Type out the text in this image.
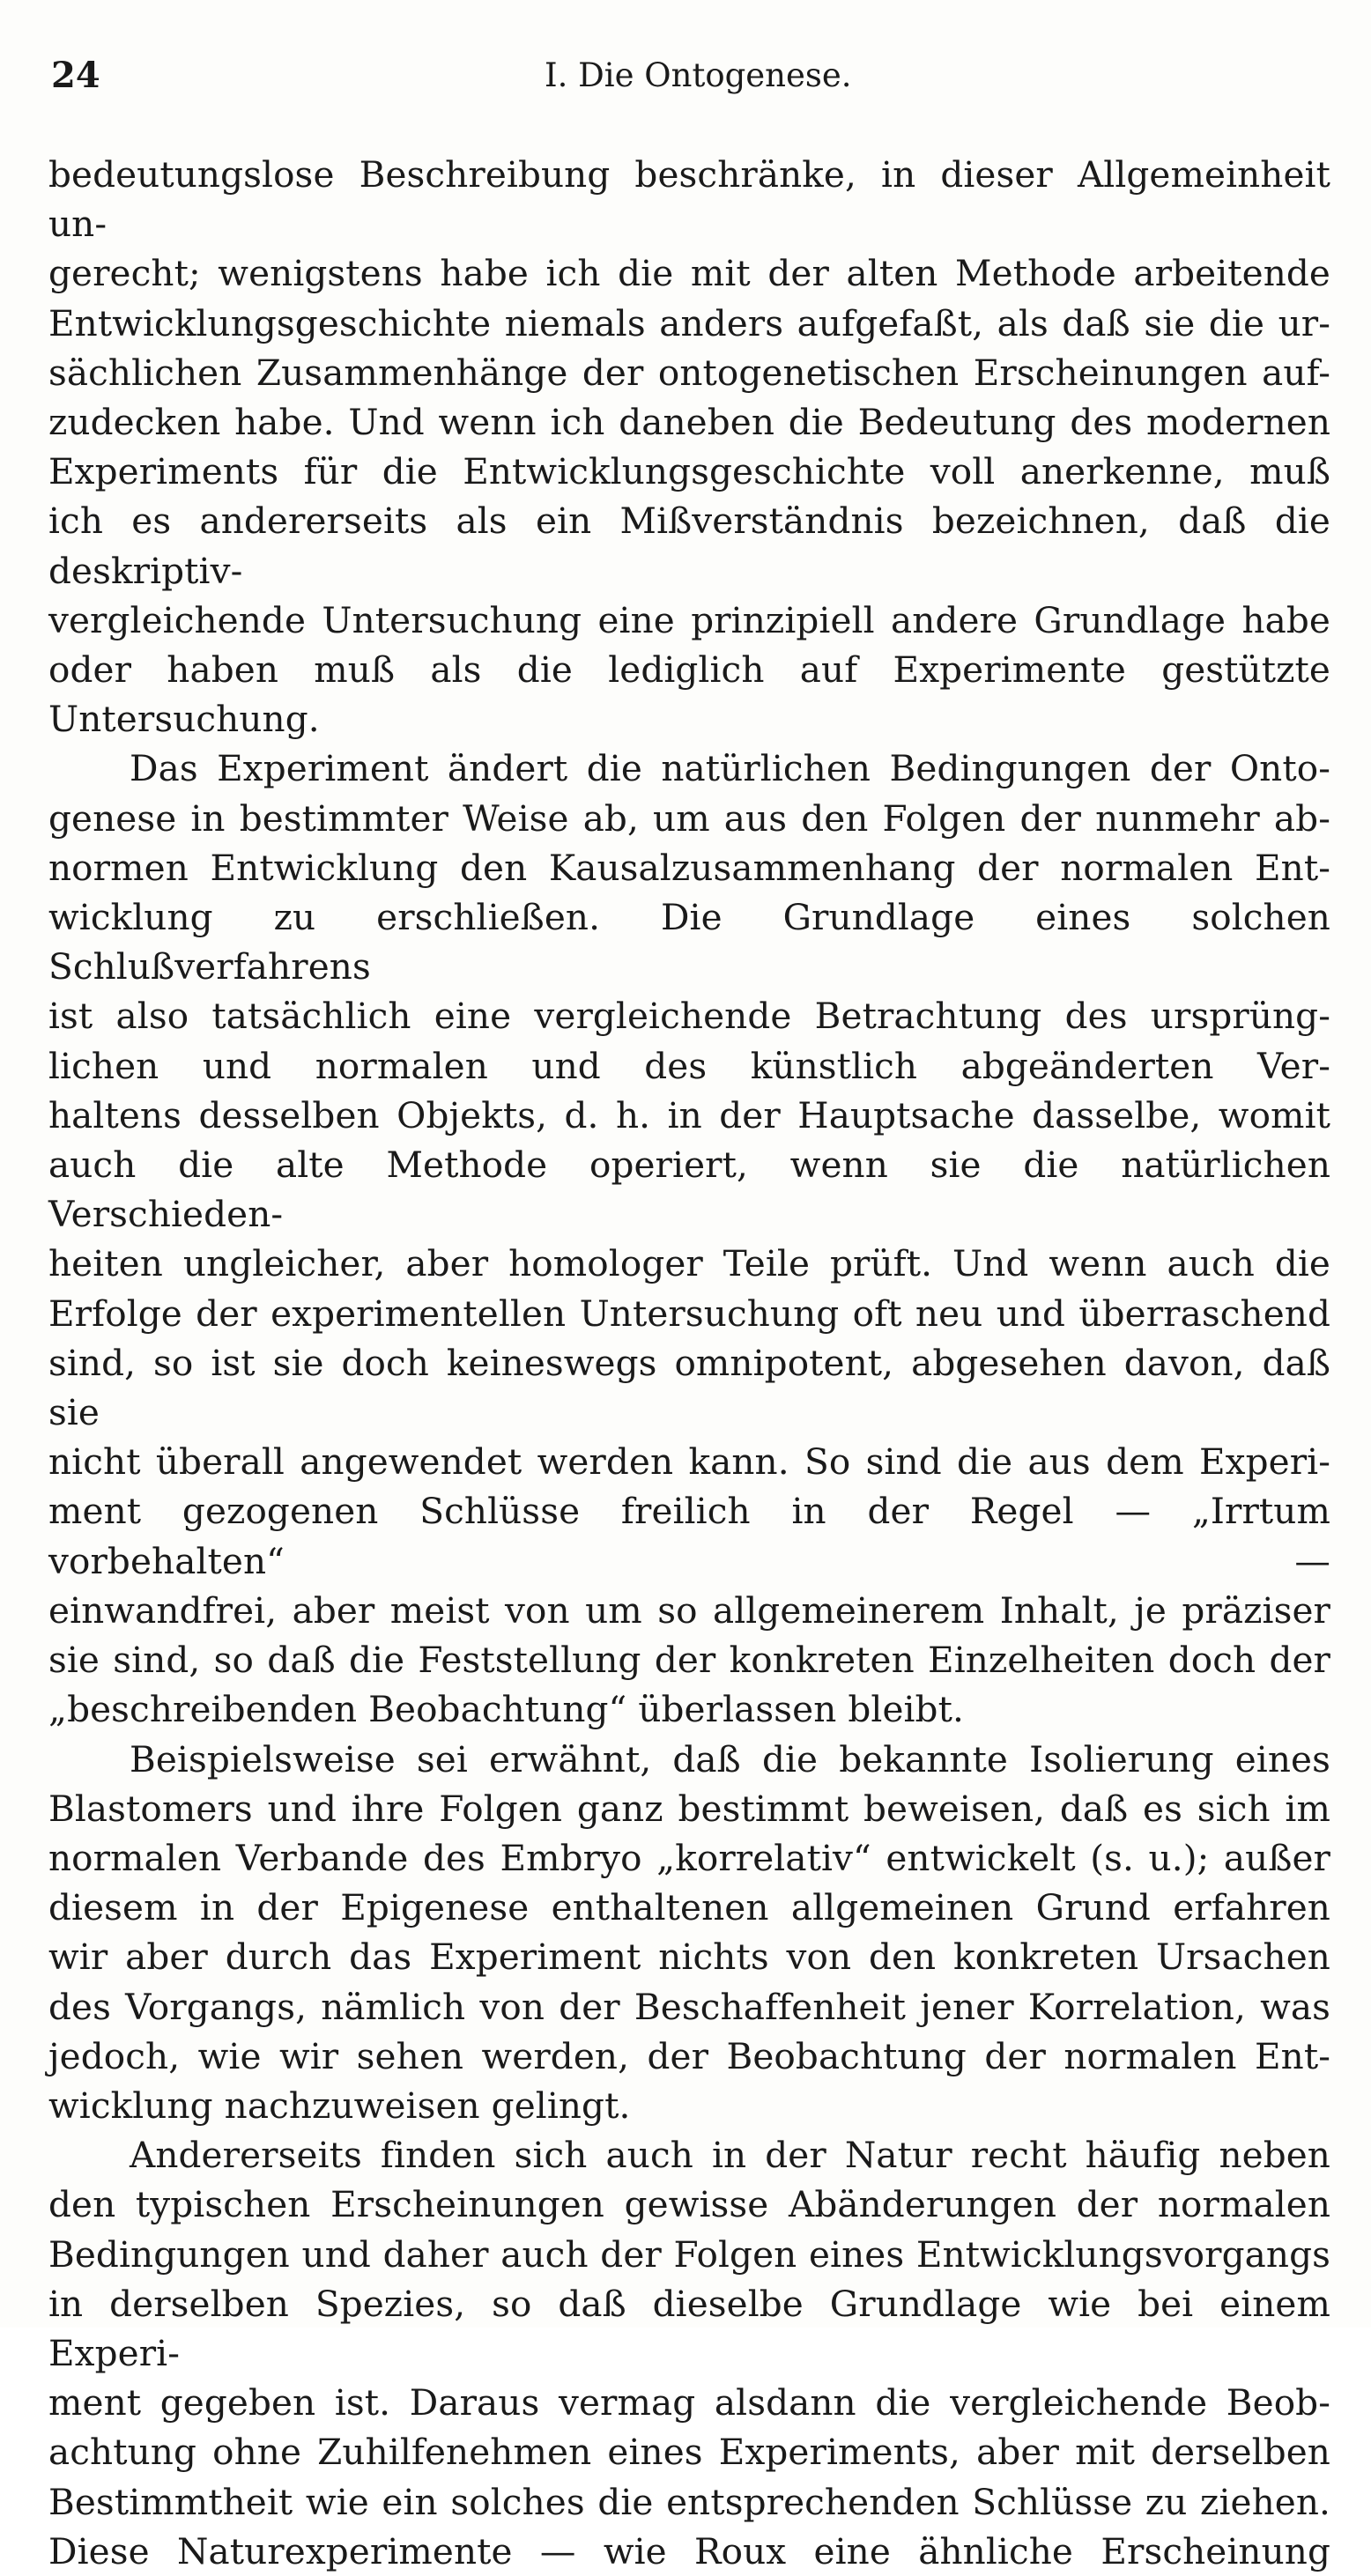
24	I. Die Ontogenese.

bedeutungslose Beschreibung beschränke, in dieser Allgemeinheit un-

gerecht; wenigstens habe ich die mit der alten Methode arbeitende

Entwicklungsgeschichte niemals anders aufgefaßt, als daß sie die ur-

sächlichen Zusammenhänge der ontogenetischen Erscheinungen auf-

zudecken habe. Und wenn ich daneben die Bedeutung des modernen

Experiments für die Entwicklungsgeschichte voll anerkenne, muß

ich es andererseits als ein Mißverständnis bezeichnen, daß die deskriptiv-

vergleichende Untersuchung eine prinzipiell andere Grundlage habe

oder haben muß als die lediglich auf Experimente gestützte Untersuchung.

Das Experiment ändert die natürlichen Bedingungen der Onto-

genese in bestimmter Weise ab, um aus den Folgen der nunmehr ab-

normen Entwicklung den Kausalzusammenhang der normalen Ent-

wicklung zu erschließen. Die Grundlage eines solchen Schlußverfahrens

ist also tatsächlich eine vergleichende Betrachtung des ursprüng-

lichen und normalen und des künstlich abgeänderten Ver-

haltens desselben Objekts, d. h. in der Hauptsache dasselbe, womit

auch die alte Methode operiert, wenn sie die natürlichen Verschieden-

heiten ungleicher, aber homologer Teile prüft. Und wenn auch die

Erfolge der experimentellen Untersuchung oft neu und überraschend

sind, so ist sie doch keineswegs omnipotent, abgesehen davon, daß sie

nicht überall angewendet werden kann. So sind die aus dem Experi-

ment gezogenen Schlüsse freilich in der Regel — „Irrtum vorbehalten“ —

einwandfrei, aber meist von um so allgemeinerem Inhalt, je präziser

sie sind, so daß die Feststellung der konkreten Einzelheiten doch der

„beschreibenden Beobachtung“ überlassen bleibt.

Beispielsweise sei erwähnt, daß die bekannte Isolierung eines

Blastomers und ihre Folgen ganz bestimmt beweisen, daß es sich im

normalen Verbande des Embryo „korrelativ“ entwickelt (s. u.); außer

diesem in der Epigenese enthaltenen allgemeinen Grund erfahren

wir aber durch das Experiment nichts von den konkreten Ursachen

des Vorgangs, nämlich von der Beschaffenheit jener Korrelation, was

jedoch, wie wir sehen werden, der Beobachtung der normalen Ent-

wicklung nachzuweisen gelingt.

Andererseits finden sich auch in der Natur recht häufig neben

den typischen Erscheinungen gewisse Abänderungen der normalen

Bedingungen und daher auch der Folgen eines Entwicklungsvorgangs

in derselben Spezies, so daß dieselbe Grundlage wie bei einem Experi-

ment gegeben ist. Daraus vermag alsdann die vergleichende Beob-

achtung ohne Zuhilfenehmen eines Experiments, aber mit derselben

Bestimmtheit wie ein solches die entsprechenden Schlüsse zu ziehen.

Diese Naturexperimente — wie Roux eine ähnliche Erscheinung
